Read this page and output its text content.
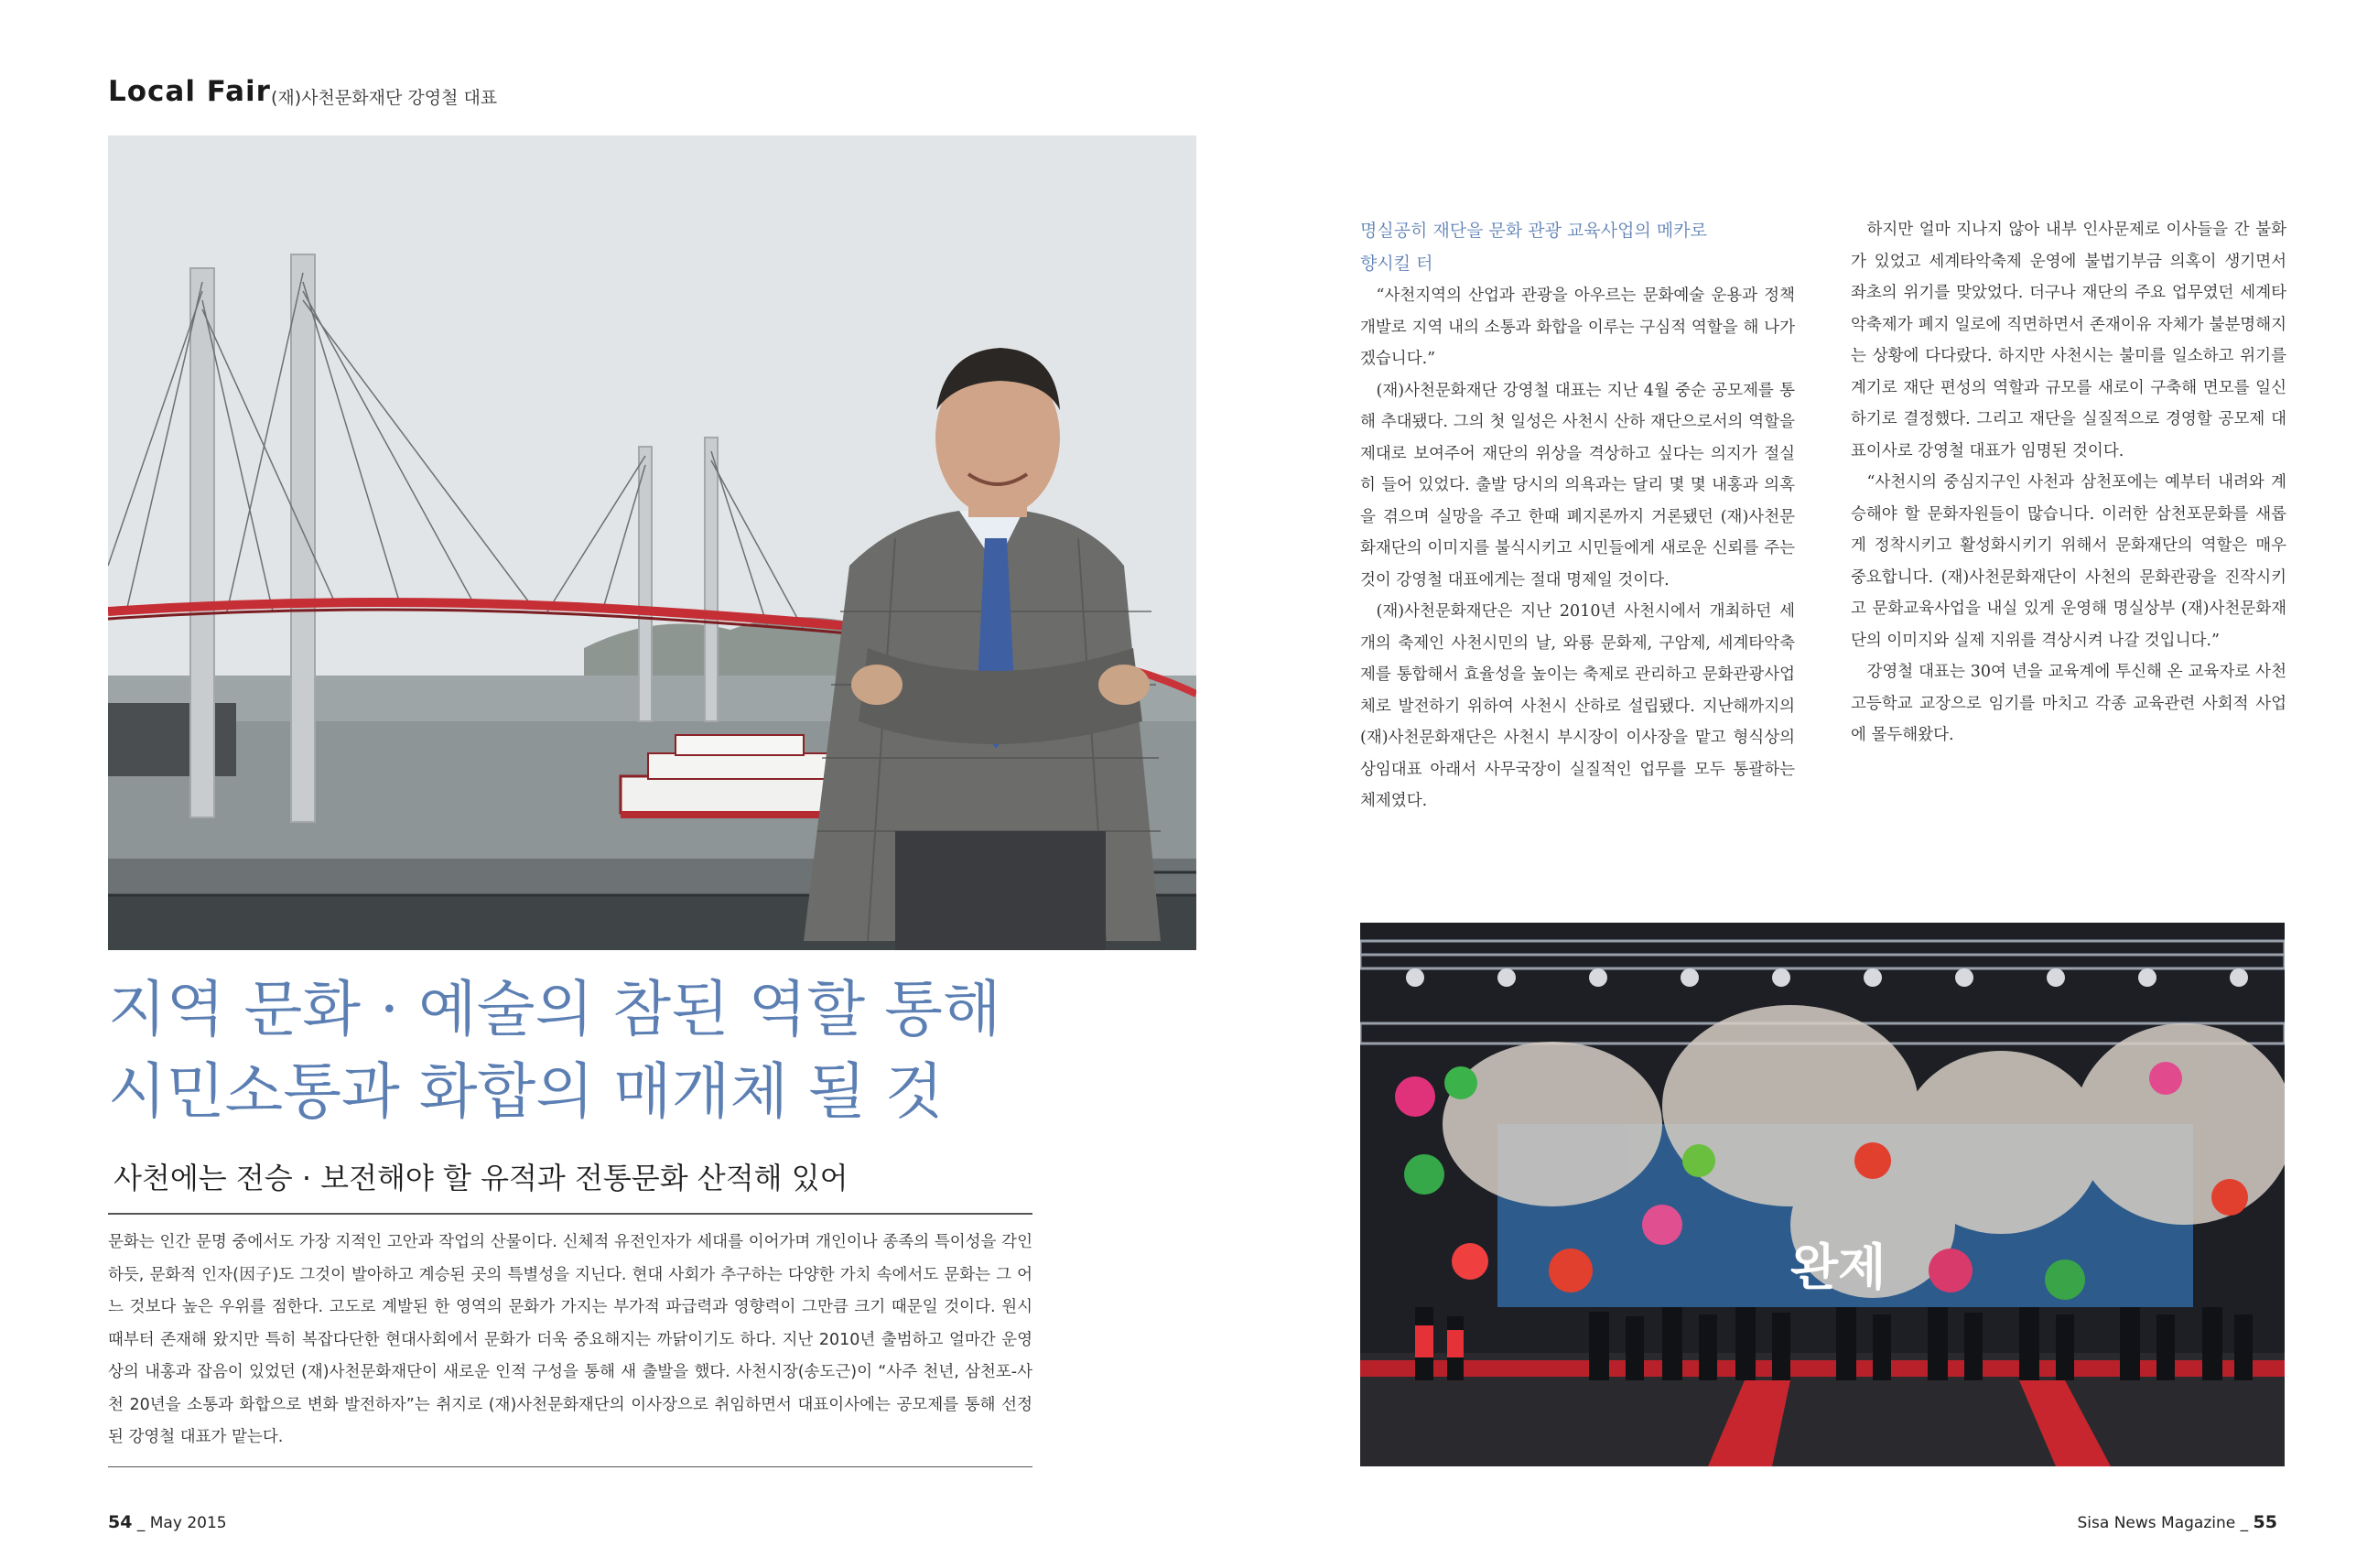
Local Fair (재)사천문화재단 강영철 대표
지역 문화 · 예술의 참된 역할 통해
시민소통과 화합의 매개체 될 것
사천에는 전승 · 보전해야 할 유적과 전통문화 산적해 있어
문화는 인간 문명 중에서도 가장 지적인 고안과 작업의 산물이다. 신체적 유전인자가 세대를 이어가며 개인이나 종족의 특이성을 각인하듯, 문화적 인자(因子)도 그것이 발아하고 계승된 곳의 특별성을 지닌다. 현대 사회가 추구하는 다양한 가치 속에서도 문화는 그 어느 것보다 높은 우위를 점한다. 고도로 계발된 한 영역의 문화가 가지는 부가적 파급력과 영향력이 그만큼 크기 때문일 것이다. 원시 때부터 존재해 왔지만 특히 복잡다단한 현대사회에서 문화가 더욱 중요해지는 까닭이기도 하다. 지난 2010년 출범하고 얼마간 운영상의 내홍과 잡음이 있었던 (재)사천문화재단이 새로운 인적 구성을 통해 새 출발을 했다. 사천시장(송도근)이 “사주 천년, 삼천포-사천 20년을 소통과 화합으로 변화 발전하자”는 취지로 (재)사천문화재단의 이사장으로 취임하면서 대표이사에는 공모제를 통해 선정된 강영철 대표가 맡는다.

명실공히 재단을 문화 관광 교육사업의 메카로

향시킬 터

“사천지역의 산업과 관광을 아우르는 문화예술 운용과 정책개발로 지역 내의 소통과 화합을 이루는 구심적 역할을 해 나가겠습니다.”

(재)사천문화재단 강영철 대표는 지난 4월 중순 공모제를 통해 추대됐다. 그의 첫 일성은 사천시 산하 재단으로서의 역할을 제대로 보여주어 재단의 위상을 격상하고 싶다는 의지가 절실히 들어 있었다. 출발 당시의 의욕과는 달리 몇 몇 내홍과 의혹을 겪으며 실망을 주고 한때 폐지론까지 거론됐던 (재)사천문화재단의 이미지를 불식시키고 시민들에게 새로운 신뢰를 주는 것이 강영철 대표에게는 절대 명제일 것이다.

(재)사천문화재단은 지난 2010년 사천시에서 개최하던 세 개의 축제인 사천시민의 날, 와룡 문화제, 구암제, 세계타악축제를 통합해서 효율성을 높이는 축제로 관리하고 문화관광사업체로 발전하기 위하여 사천시 산하로 설립됐다. 지난해까지의 (재)사천문화재단은 사천시 부시장이 이사장을 맡고 형식상의 상임대표 아래서 사무국장이 실질적인 업무를 모두 통괄하는 체제였다.

하지만 얼마 지나지 않아 내부 인사문제로 이사들을 간 불화가 있었고 세계타악축제 운영에 불법기부금 의혹이 생기면서 좌초의 위기를 맞았었다. 더구나 재단의 주요 업무였던 세계타악축제가 폐지 일로에 직면하면서 존재이유 자체가 불분명해지는 상황에 다다랐다. 하지만 사천시는 불미를 일소하고 위기를 계기로 재단 편성의 역할과 규모를 새로이 구축해 면모를 일신하기로 결정했다. 그리고 재단을 실질적으로 경영할 공모제 대표이사로 강영철 대표가 임명된 것이다.

“사천시의 중심지구인 사천과 삼천포에는 예부터 내려와 계승해야 할 문화자원들이 많습니다. 이러한 삼천포문화를 새롭게 정착시키고 활성화시키기 위해서 문화재단의 역할은 매우 중요합니다. (재)사천문화재단이 사천의 문화관광을 진작시키고 문화교육사업을 내실 있게 운영해 명실상부 (재)사천문화재단의 이미지와 실제 지위를 격상시켜 나갈 것입니다.”

강영철 대표는 30여 년을 교육계에 투신해 온 교육자로 사천고등학교 교장으로 임기를 마치고 각종 교육관련 사회적 사업에 몰두해왔다.

완제
54 _ May 2015	Sisa News Magazine _ 55
